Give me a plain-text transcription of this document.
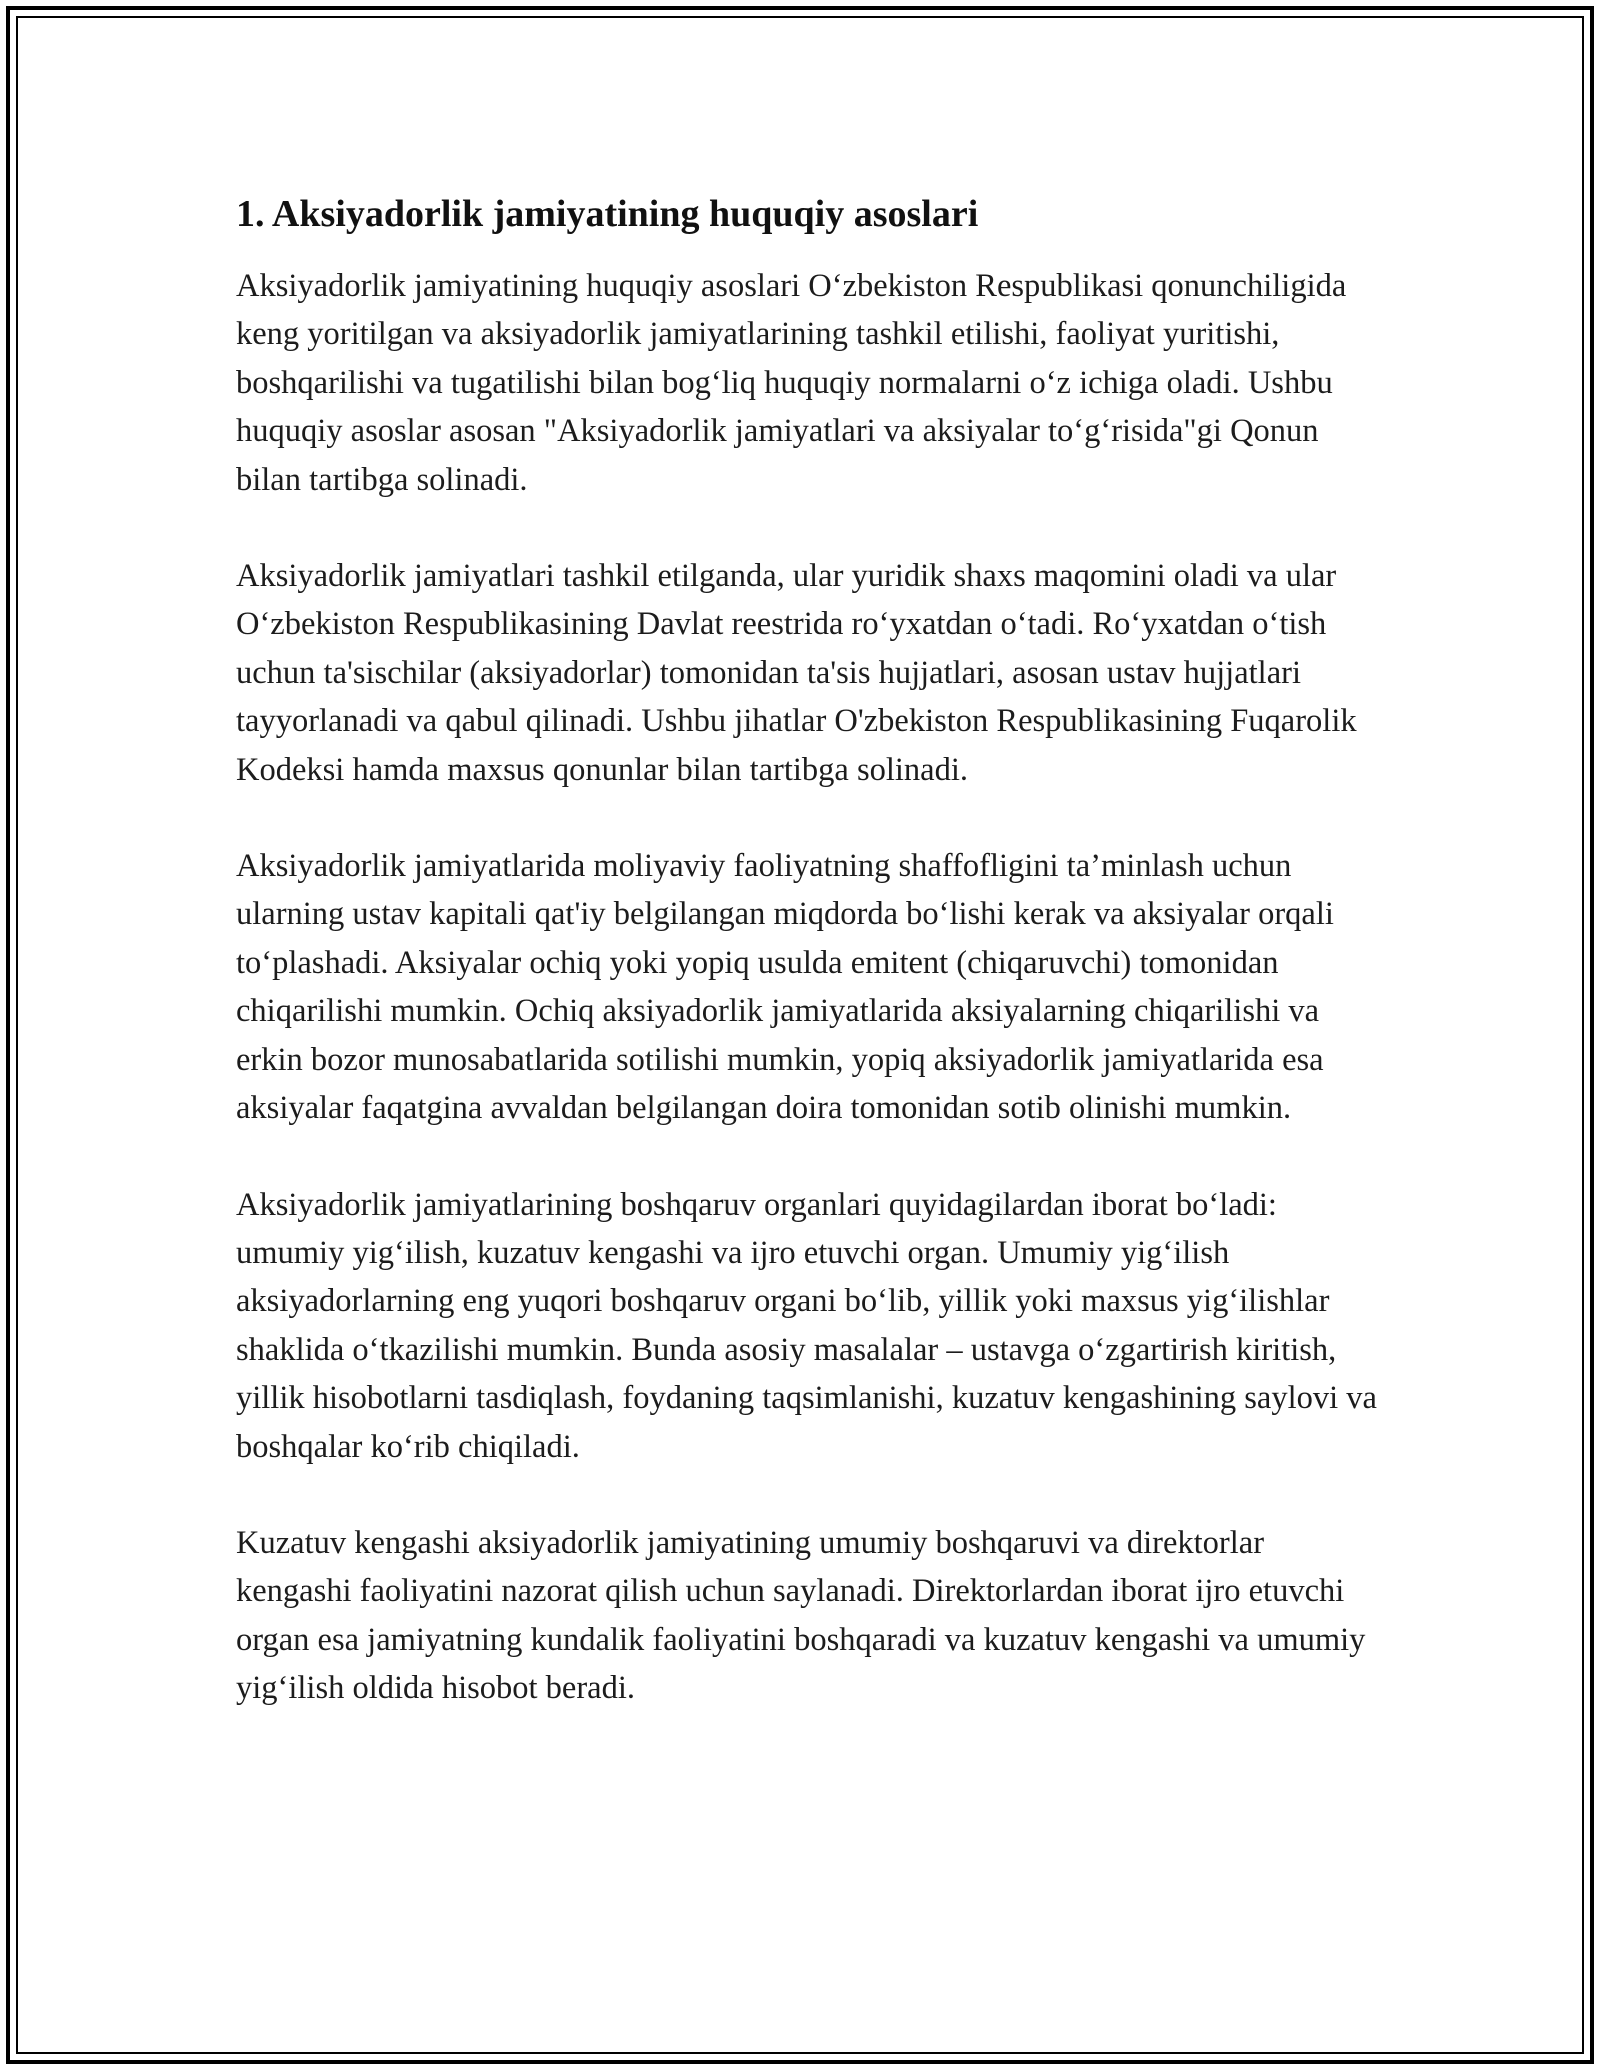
1. Aksiyadorlik jamiyatining huquqiy asoslari

Aksiyadorlik jamiyatining huquqiy asoslari O‘zbekiston Respublikasi qonunchiligida keng yoritilgan va aksiyadorlik jamiyatlarining tashkil etilishi, faoliyat yuritishi, boshqarilishi va tugatilishi bilan bog‘liq huquqiy normalarni o‘z ichiga oladi. Ushbu huquqiy asoslar asosan "Aksiyadorlik jamiyatlari va aksiyalar to‘g‘risida"gi Qonun bilan tartibga solinadi.

Aksiyadorlik jamiyatlari tashkil etilganda, ular yuridik shaxs maqomini oladi va ular O‘zbekiston Respublikasining Davlat reestrida ro‘yxatdan o‘tadi. Ro‘yxatdan o‘tish uchun ta'sischilar (aksiyadorlar) tomonidan ta'sis hujjatlari, asosan ustav hujjatlari tayyorlanadi va qabul qilinadi. Ushbu jihatlar O'zbekiston Respublikasining Fuqarolik Kodeksi hamda maxsus qonunlar bilan tartibga solinadi.

Aksiyadorlik jamiyatlarida moliyaviy faoliyatning shaffofligini ta’minlash uchun ularning ustav kapitali qat'iy belgilangan miqdorda bo‘lishi kerak va aksiyalar orqali to‘plashadi. Aksiyalar ochiq yoki yopiq usulda emitent (chiqaruvchi) tomonidan chiqarilishi mumkin. Ochiq aksiyadorlik jamiyatlarida aksiyalarning chiqarilishi va erkin bozor munosabatlarida sotilishi mumkin, yopiq aksiyadorlik jamiyatlarida esa aksiyalar faqatgina avvaldan belgilangan doira tomonidan sotib olinishi mumkin.

Aksiyadorlik jamiyatlarining boshqaruv organlari quyidagilardan iborat bo‘ladi: umumiy yig‘ilish, kuzatuv kengashi va ijro etuvchi organ. Umumiy yig‘ilish aksiyadorlarning eng yuqori boshqaruv organi bo‘lib, yillik yoki maxsus yig‘ilishlar shaklida o‘tkazilishi mumkin. Bunda asosiy masalalar – ustavga o‘zgartirish kiritish, yillik hisobotlarni tasdiqlash, foydaning taqsimlanishi, kuzatuv kengashining saylovi va boshqalar ko‘rib chiqiladi.

Kuzatuv kengashi aksiyadorlik jamiyatining umumiy boshqaruvi va direktorlar kengashi faoliyatini nazorat qilish uchun saylanadi. Direktorlardan iborat ijro etuvchi organ esa jamiyatning kundalik faoliyatini boshqaradi va kuzatuv kengashi va umumiy yig‘ilish oldida hisobot beradi.
